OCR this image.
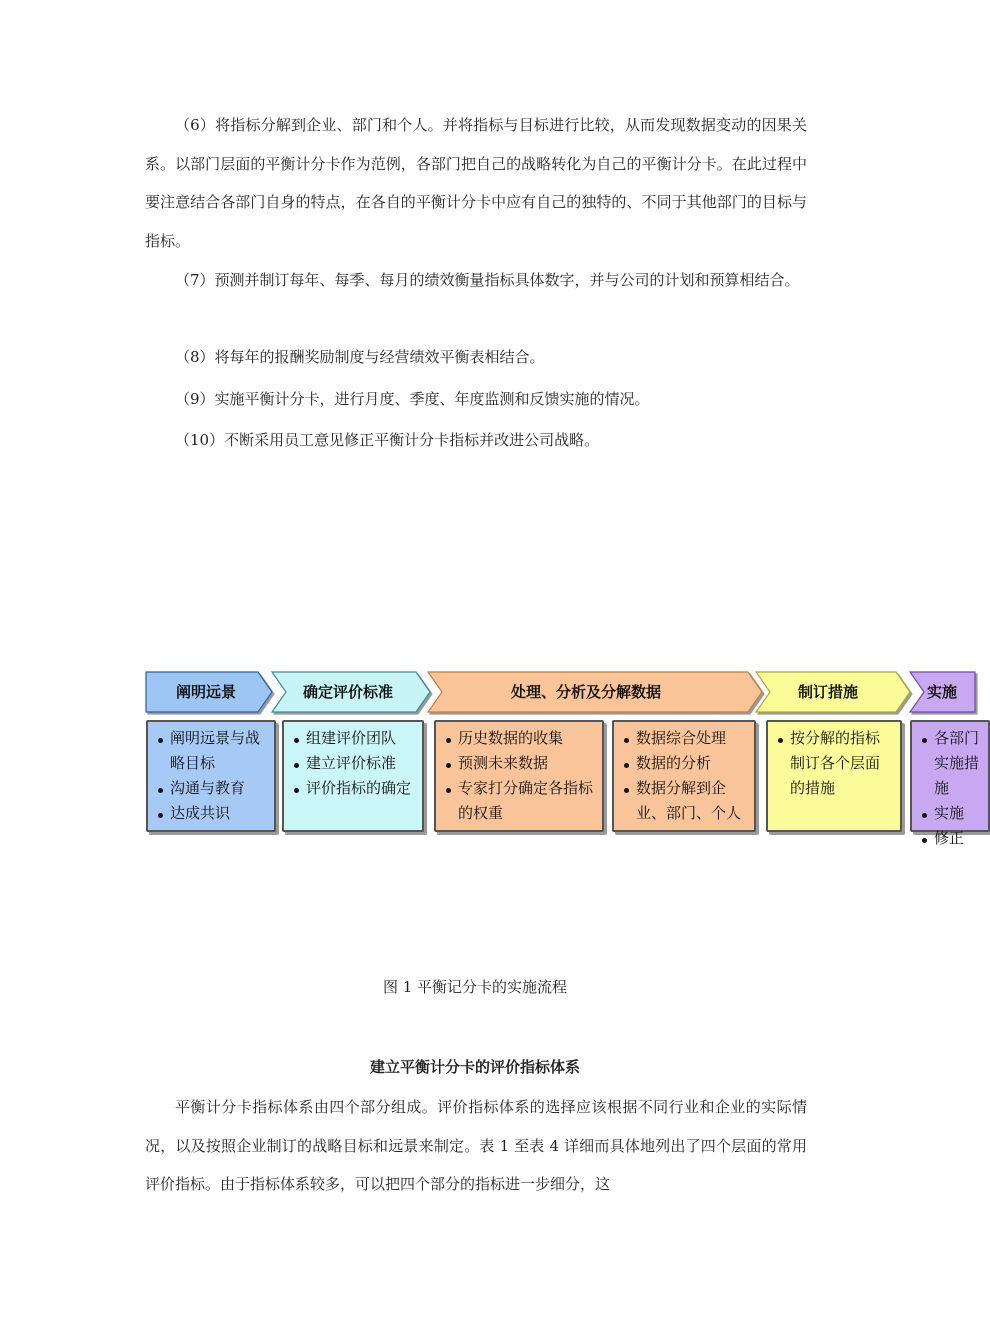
（6）将指标分解到企业、部门和个人。并将指标与目标进行比较，从而发现数据变动的因果关系。以部门层面的平衡计分卡作为范例，各部门把自己的战略转化为自己的平衡计分卡。在此过程中要注意结合各部门自身的特点，在各自的平衡计分卡中应有自己的独特的、不同于其他部门的目标与指标。

（7）预测并制订每年、每季、每月的绩效衡量指标具体数字，并与公司的计划和预算相结合。

（8）将每年的报酬奖励制度与经营绩效平衡表相结合。

（9）实施平衡计分卡，进行月度、季度、年度监测和反馈实施的情况。

（10）不断采用员工意见修正平衡计分卡指标并改进公司战略。

阐明远景	确定评价标准	处理、分析及分解数据	制订措施	实施
阐明远景与战略目标
沟通与教育
达成共识
组建评价团队
建立评价标准
评价指标的确定
历史数据的收集
预测未来数据
专家打分确定各指标的权重
数据综合处理
数据的分析
数据分解到企业、部门、个人
按分解的指标制订各个层面的措施
各部门实施措施
实施
修正
图 1 平衡记分卡的实施流程
建立平衡计分卡的评价指标体系

平衡计分卡指标体系由四个部分组成。评价指标体系的选择应该根据不同行业和企业的实际情况，以及按照企业制订的战略目标和远景来制定。表 1 至表 4 详细而具体地列出了四个层面的常用评价指标。由于指标体系较多，可以把四个部分的指标进一步细分，这
